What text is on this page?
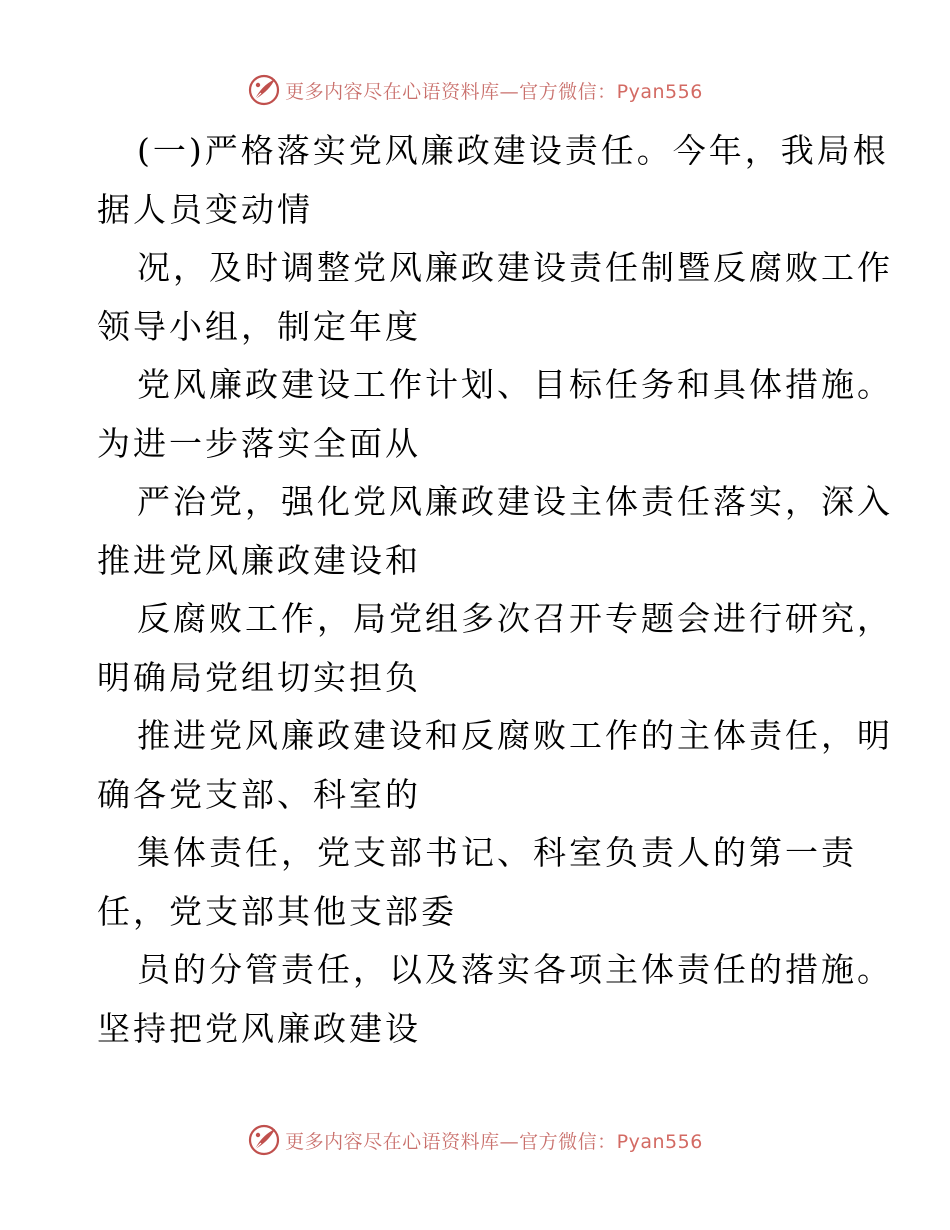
更多内容尽在心语资料库—官方微信：Pyan556
(一)严格落实党风廉政建设责任。今年，我局根
据人员变动情
况，及时调整党风廉政建设责任制暨反腐败工作
领导小组，制定年度
党风廉政建设工作计划、目标任务和具体措施。
为进一步落实全面从
严治党，强化党风廉政建设主体责任落实，深入
推进党风廉政建设和
反腐败工作，局党组多次召开专题会进行研究，
明确局党组切实担负
推进党风廉政建设和反腐败工作的主体责任，明
确各党支部、科室的
集体责任，党支部书记、科室负责人的第一责
任，党支部其他支部委
员的分管责任，以及落实各项主体责任的措施。
坚持把党风廉政建设
更多内容尽在心语资料库—官方微信：Pyan556
